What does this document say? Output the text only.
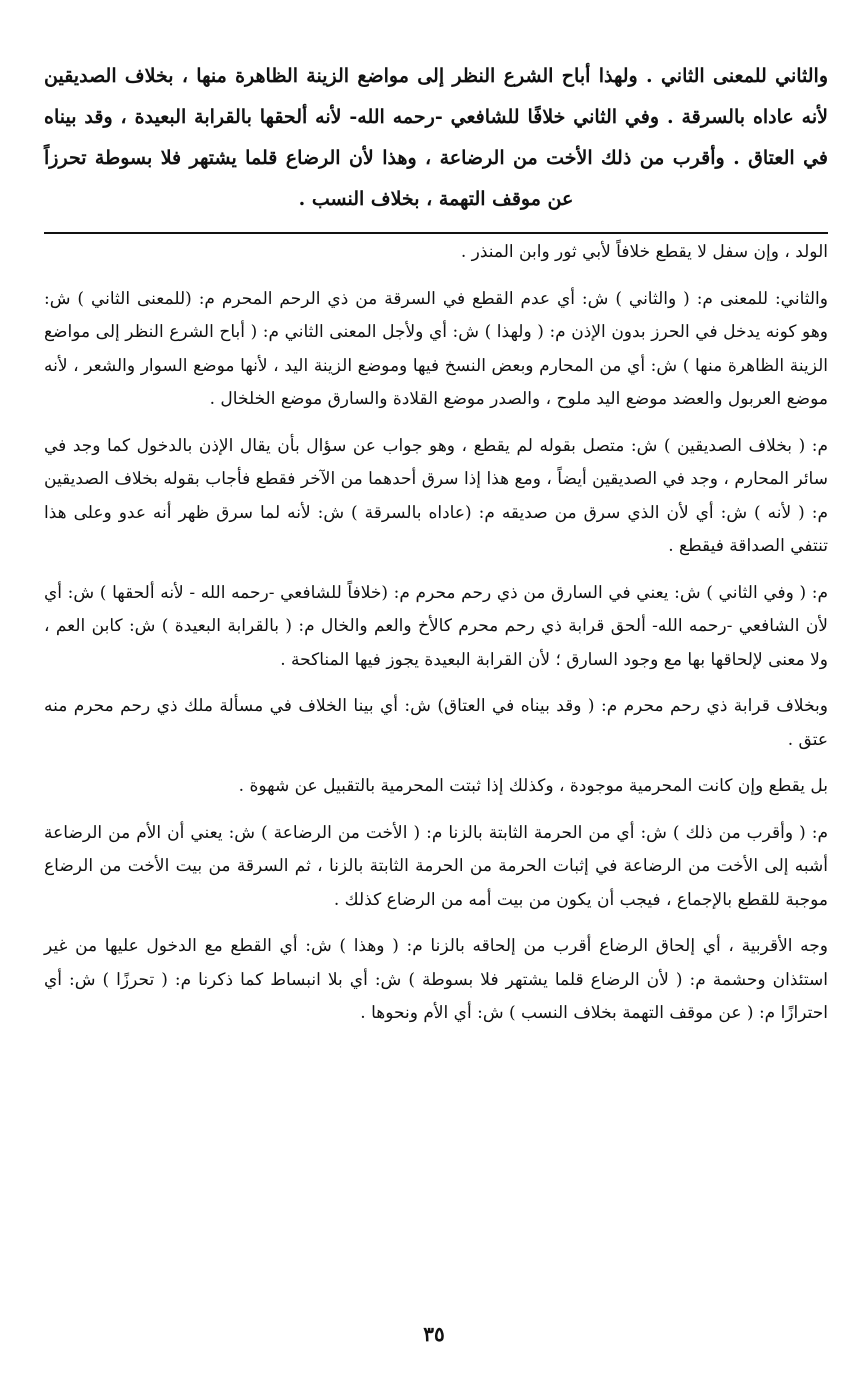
والثاني للمعنى الثاني . ولهذا أباح الشرع النظر إلى مواضع الزينة الظاهرة منها ، بخلاف الصديقين لأنه عاداه بالسرقة . وفي الثاني خلافًا للشافعي -رحمه الله- لأنه ألحقها بالقرابة البعيدة ، وقد بيناه في العتاق . وأقرب من ذلك الأخت من الرضاعة ، وهذا لأن الرضاع قلما يشتهر فلا بسوطة تحرزاً عن موقف التهمة ، بخلاف النسب .

الولد ، وإن سفل لا يقطع خلافاً لأبي ثور وابن المنذر .

والثاني: للمعنى م: ( والثاني ) ش: أي عدم القطع في السرقة من ذي الرحم المحرم م: (للمعنى الثاني ) ش: وهو كونه يدخل في الحرز بدون الإذن م: ( ولهذا ) ش: أي ولأجل المعنى الثاني م: ( أباح الشرع النظر إلى مواضع الزينة الظاهرة منها ) ش: أي من المحارم وبعض النسخ فيها وموضع الزينة اليد ، لأنها موضع السوار والشعر ، لأنه موضع العربول والعضد موضع اليد ملوح ، والصدر موضع القلادة والسارق موضع الخلخال .

م: ( بخلاف الصديقين ) ش: متصل بقوله لم يقطع ، وهو جواب عن سؤال بأن يقال الإذن بالدخول كما وجد في سائر المحارم ، وجد في الصديقين أيضاً ، ومع هذا إذا سرق أحدهما من الآخر فقطع فأجاب بقوله بخلاف الصديقين م: ( لأنه ) ش: أي لأن الذي سرق من صديقه م: (عاداه بالسرقة ) ش: لأنه لما سرق ظهر أنه عدو وعلى هذا تنتفي الصداقة فيقطع .

م: ( وفي الثاني ) ش: يعني في السارق من ذي رحم محرم م: (خلافاً للشافعي -رحمه الله - لأنه ألحقها ) ش: أي لأن الشافعي -رحمه الله- ألحق قرابة ذي رحم محرم كالأخ والعم والخال م: ( بالقرابة البعيدة ) ش: كابن العم ، ولا معنى لإلحاقها بها مع وجود السارق ؛ لأن القرابة البعيدة يجوز فيها المناكحة .

وبخلاف قرابة ذي رحم محرم م: ( وقد بيناه في العتاق) ش: أي بينا الخلاف في مسألة ملك ذي رحم محرم منه عتق .

بل يقطع وإن كانت المحرمية موجودة ، وكذلك إذا ثبتت المحرمية بالتقبيل عن شهوة .

م: ( وأقرب من ذلك ) ش: أي من الحرمة الثابتة بالزنا م: ( الأخت من الرضاعة ) ش: يعني أن الأم من الرضاعة أشبه إلى الأخت من الرضاعة في إثبات الحرمة من الحرمة الثابتة بالزنا ، ثم السرقة من بيت الأخت من الرضاع موجبة للقطع بالإجماع ، فيجب أن يكون من بيت أمه من الرضاع كذلك .

وجه الأقربية ، أي إلحاق الرضاع أقرب من إلحاقه بالزنا م: ( وهذا ) ش: أي القطع مع الدخول عليها من غير استئذان وحشمة م: ( لأن الرضاع قلما يشتهر فلا بسوطة ) ش: أي بلا انبساط كما ذكرنا م: ( تحرزًا ) ش: أي احترازًا م: ( عن موقف التهمة بخلاف النسب ) ش: أي الأم ونحوها .

٣٥
